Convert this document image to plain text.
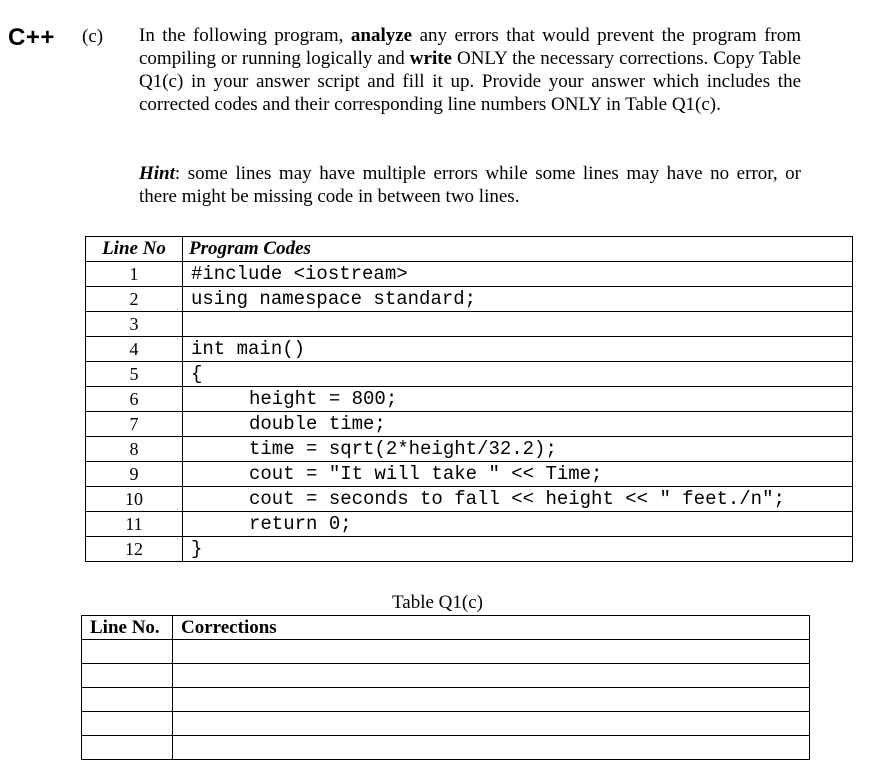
C++ (c) In the following program, analyze any errors that would prevent the program from compiling or running logically and write ONLY the necessary corrections. Copy Table Q1(c) in your answer script and fill it up. Provide your answer which includes the corrected codes and their corresponding line numbers ONLY in Table Q1(c).

Hint: some lines may have multiple errors while some lines may have no error, or there might be missing code in between two lines.

Line No	Program Codes
1	#include <iostream>
2	using namespace standard;
3	
4	int main()
5	{
6	height = 800;
7	double time;
8	time = sqrt(2*height/32.2);
9	cout = "It will take " << Time;
10	cout = seconds to fall << height << " feet./n";
11	return 0;
12	}
Table Q1(c)
Line No.	Corrections
